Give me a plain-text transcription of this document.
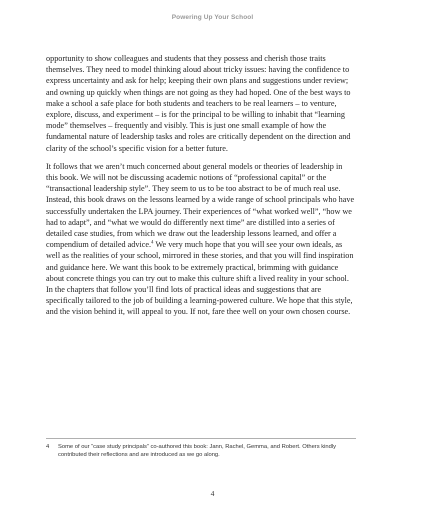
Powering Up Your School

opportunity to show colleagues and students that they possess and cherish those traits themselves. They need to model thinking aloud about tricky issues: having the confidence to express uncertainty and ask for help; keeping their own plans and suggestions under review; and owning up quickly when things are not going as they had hoped. One of the best ways to make a school a safe place for both students and teachers to be real learners – to venture, explore, discuss, and experiment – is for the principal to be willing to inhabit that “learning mode” themselves – frequently and visibly. This is just one small example of how the fundamental nature of leadership tasks and roles are critically dependent on the direction and clarity of the school’s specific vision for a better future.

It follows that we aren’t much concerned about general models or theories of leadership in this book. We will not be discussing academic notions of “professional capital” or the “transactional leadership style”. They seem to us to be too abstract to be of much real use. Instead, this book draws on the lessons learned by a wide range of school principals who have successfully undertaken the LPA journey. Their experiences of “what worked well”, “how we had to adapt”, and “what we would do differently next time” are distilled into a series of detailed case studies, from which we draw out the leadership lessons learned, and offer a compendium of detailed advice.$^4$ We very much hope that you will see your own ideals, as well as the realities of your school, mirrored in these stories, and that you will find inspiration and guidance here. We want this book to be extremely practical, brimming with guidance about concrete things you can try out to make this culture shift a lived reality in your school. In the chapters that follow you’ll find lots of practical ideas and suggestions that are specifically tailored to the job of building a learning-powered culture. We hope that this style, and the vision behind it, will appeal to you. If not, fare thee well on your own chosen course.

4	Some of our “case study principals” co-authored this book: Jann, Rachel, Gemma, and Robert. Others kindly contributed their reflections and are introduced as we go along.
4
